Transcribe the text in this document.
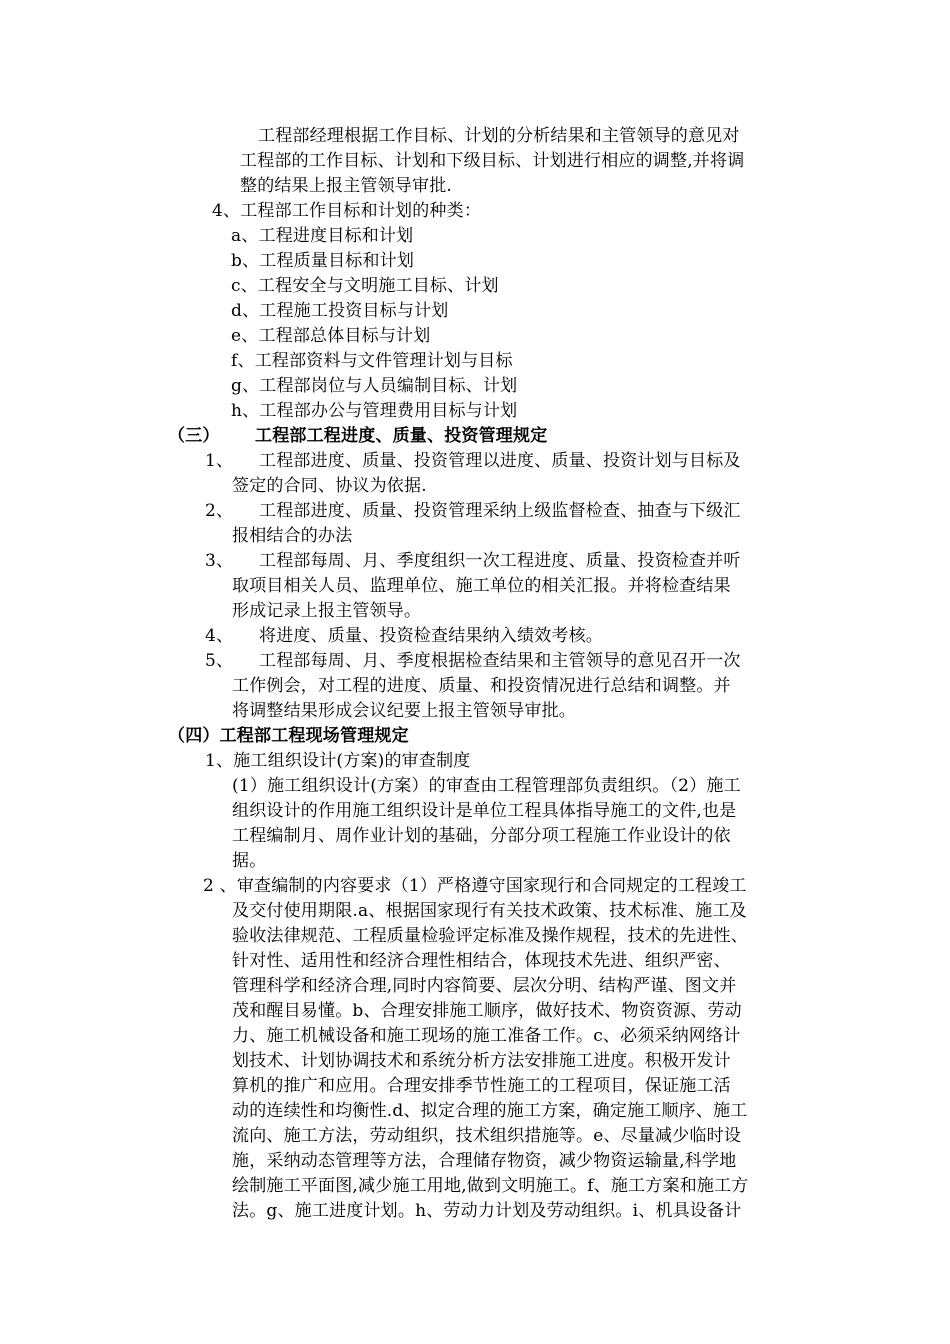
工程部经理根据工作目标、计划的分析结果和主管领导的意见对
工程部的工作目标、计划和下级目标、计划进行相应的调整,并将调
整的结果上报主管领导审批.
4、工程部工作目标和计划的种类：
a、工程进度目标和计划
b、工程质量目标和计划
c、工程安全与文明施工目标、计划
d、工程施工投资目标与计划
e、工程部总体目标与计划
f、工程部资料与文件管理计划与目标
g、工程部岗位与人员编制目标、计划
h、工程部办公与管理费用目标与计划
（三） 工程部工程进度、质量、投资管理规定
1、 工程部进度、质量、投资管理以进度、质量、投资计划与目标及
签定的合同、协议为依据.
2、 工程部进度、质量、投资管理采纳上级监督检查、抽查与下级汇
报相结合的办法
3、 工程部每周、月、季度组织一次工程进度、质量、投资检查并听
取项目相关人员、监理单位、施工单位的相关汇报。并将检查结果
形成记录上报主管领导。
4、 将进度、质量、投资检查结果纳入绩效考核。
5、 工程部每周、月、季度根据检查结果和主管领导的意见召开一次
工作例会，对工程的进度、质量、和投资情况进行总结和调整。并
将调整结果形成会议纪要上报主管领导审批。
（四）工程部工程现场管理规定
1、施工组织设计(方案)的审查制度
(1）施工组织设计(方案）的审查由工程管理部负责组织。（2）施工
组织设计的作用施工组织设计是单位工程具体指导施工的文件,也是
工程编制月、周作业计划的基础，分部分项工程施工作业设计的依
据。
2 、审查编制的内容要求（1）严格遵守国家现行和合同规定的工程竣工
及交付使用期限.a、根据国家现行有关技术政策、技术标准、施工及
验收法律规范、工程质量检验评定标准及操作规程，技术的先进性、
针对性、适用性和经济合理性相结合，体现技术先进、组织严密、
管理科学和经济合理,同时内容简要、层次分明、结构严谨、图文并
茂和醒目易懂。b、合理安排施工顺序，做好技术、物资资源、劳动
力、施工机械设备和施工现场的施工准备工作。c、必须采纳网络计
划技术、计划协调技术和系统分析方法安排施工进度。积极开发计
算机的推广和应用。合理安排季节性施工的工程项目，保证施工活
动的连续性和均衡性.d、拟定合理的施工方案，确定施工顺序、施工
流向、施工方法，劳动组织，技术组织措施等。e、尽量减少临时设
施，采纳动态管理等方法，合理储存物资，减少物资运输量,科学地
绘制施工平面图,减少施工用地,做到文明施工。f、施工方案和施工方
法。g、施工进度计划。h、劳动力计划及劳动组织。i、机具设备计
